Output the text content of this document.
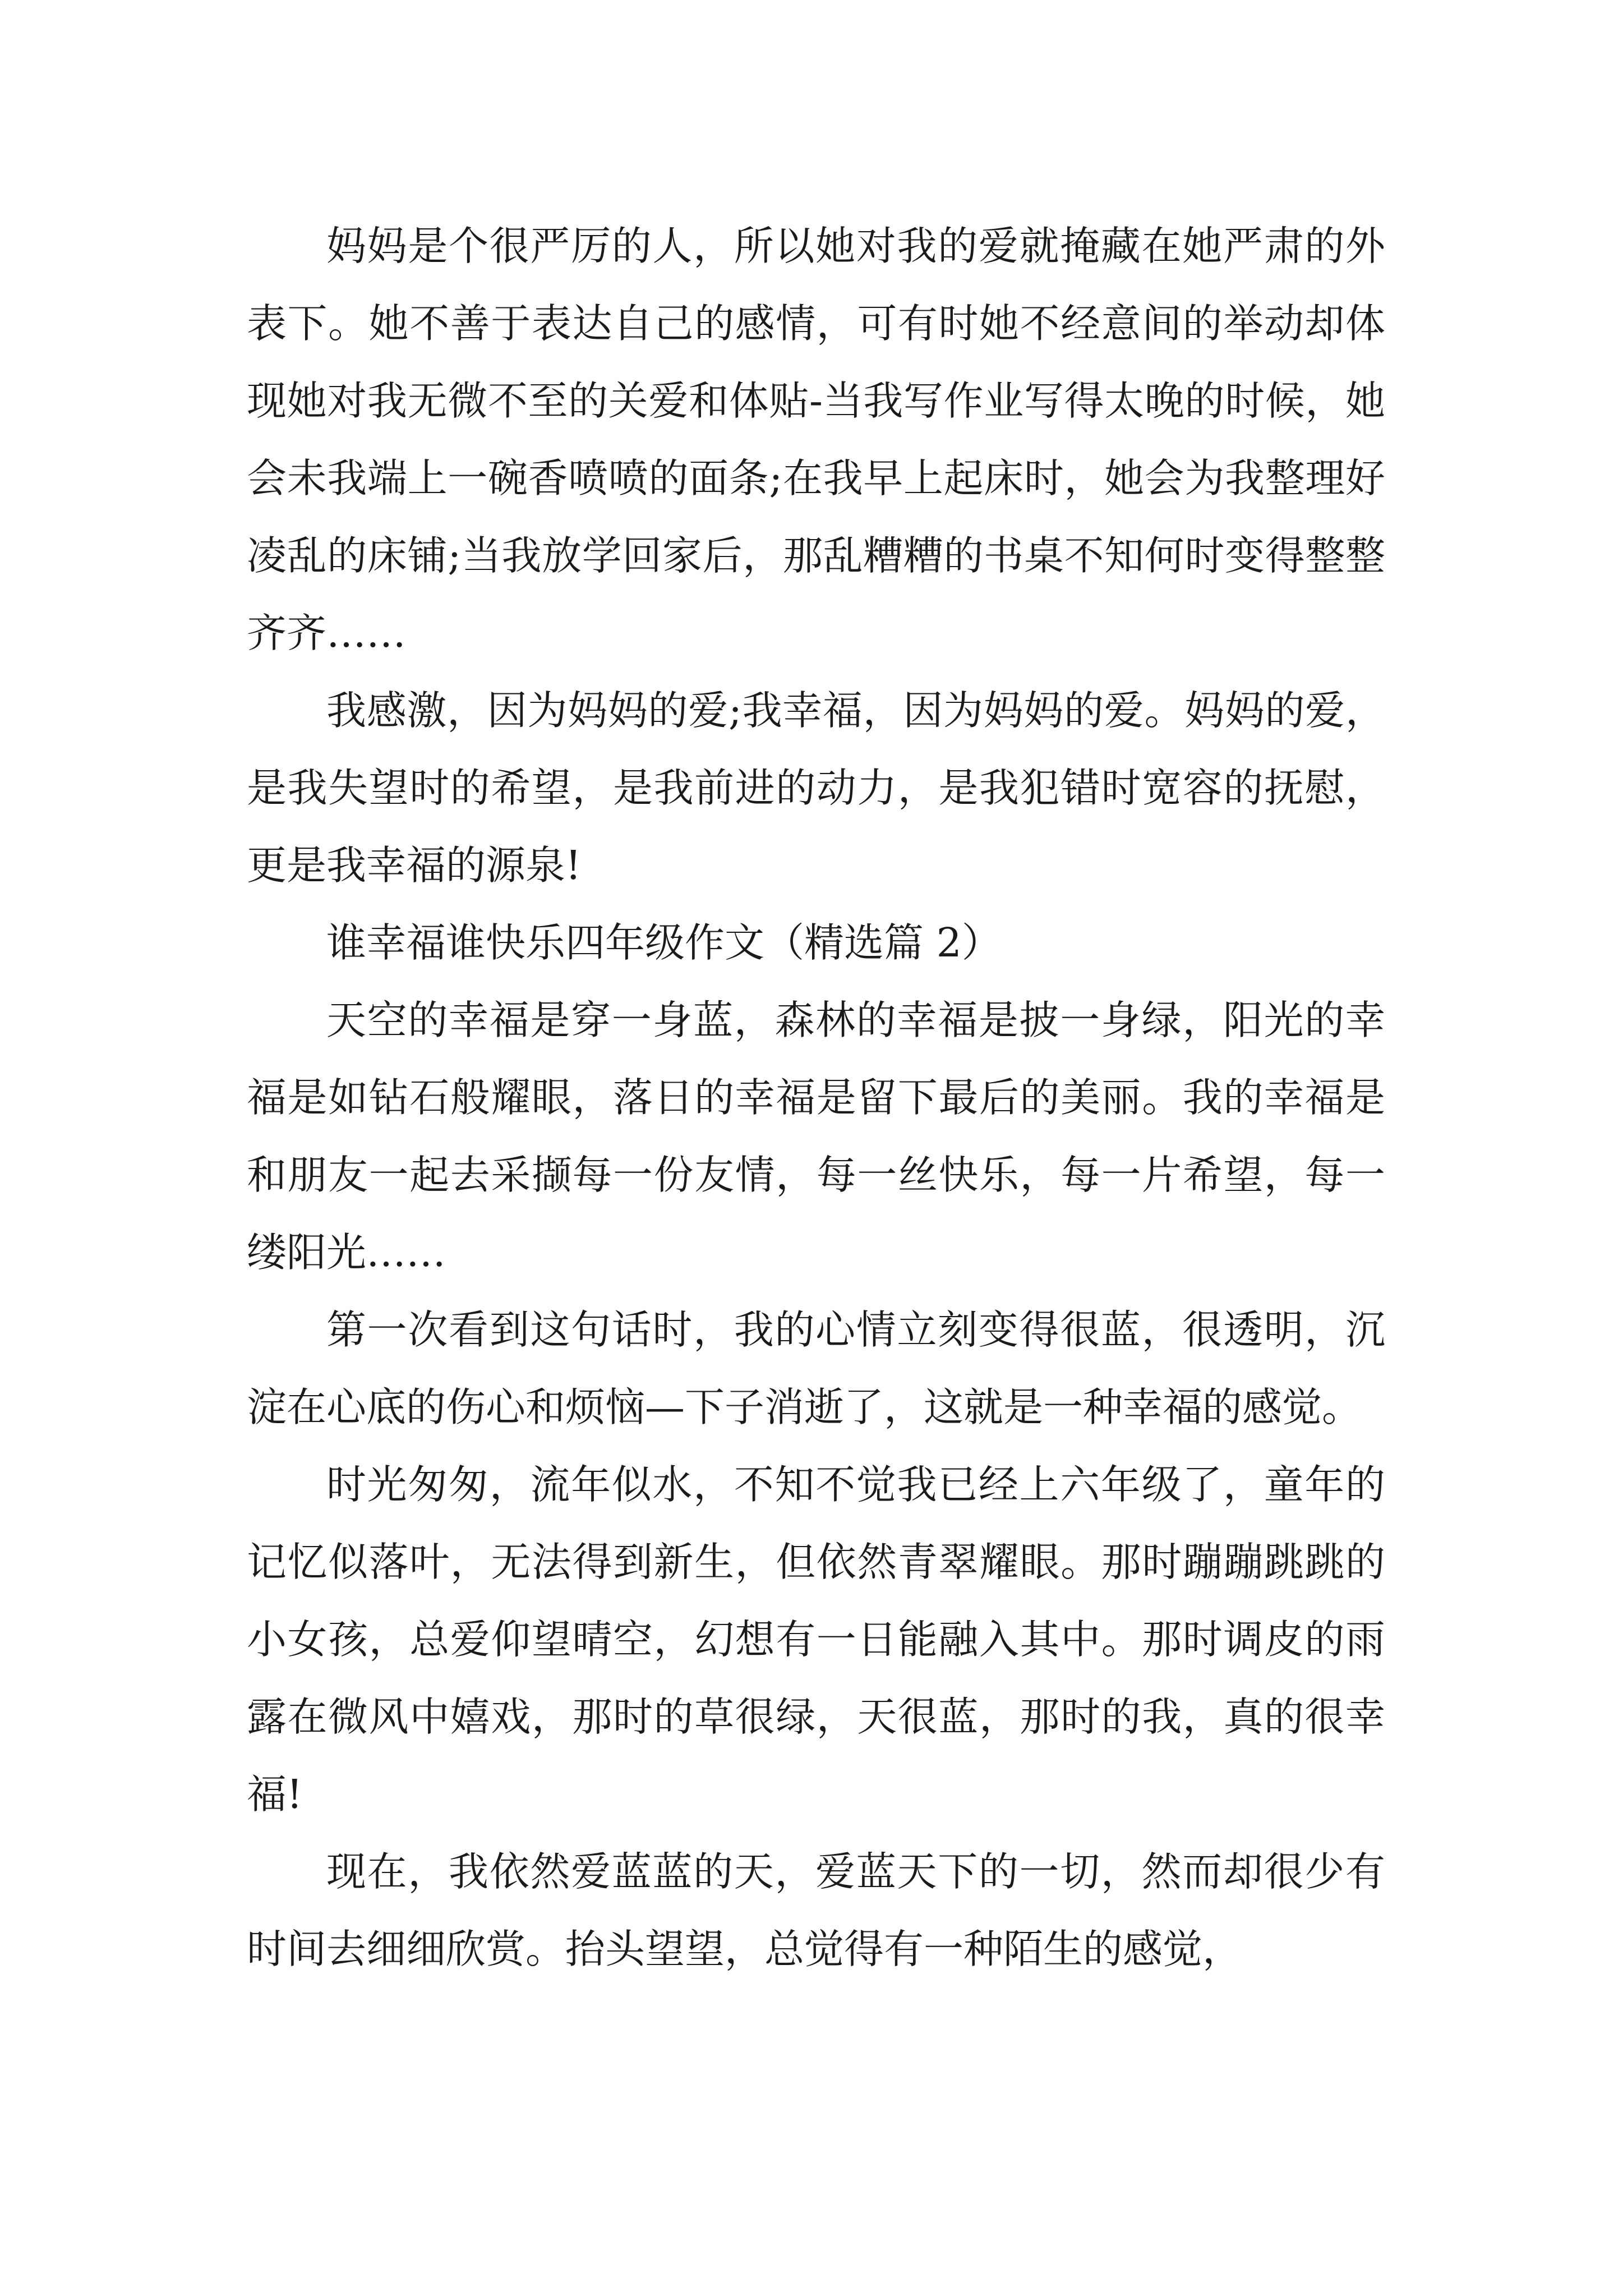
妈妈是个很严厉的人，所以她对我的爱就掩藏在她严肃的外表下。她不善于表达自己的感情，可有时她不经意间的举动却体现她对我无微不至的关爱和体贴-当我写作业写得太晚的时候，她会未我端上一碗香喷喷的面条;在我早上起床时，她会为我整理好凌乱的床铺;当我放学回家后，那乱糟糟的书桌不知何时变得整整齐齐……

我感激，因为妈妈的爱;我幸福，因为妈妈的爱。妈妈的爱，是我失望时的希望，是我前进的动力，是我犯错时宽容的抚慰，更是我幸福的源泉!

谁幸福谁快乐四年级作文（精选篇 2）

天空的幸福是穿一身蓝，森林的幸福是披一身绿，阳光的幸福是如钻石般耀眼，落日的幸福是留下最后的美丽。我的幸福是和朋友一起去采撷每一份友情，每一丝快乐，每一片希望，每一缕阳光……

第一次看到这句话时，我的心情立刻变得很蓝，很透明，沉淀在心底的伤心和烦恼—下子消逝了，这就是一种幸福的感觉。

时光匆匆，流年似水，不知不觉我已经上六年级了，童年的记忆似落叶，无法得到新生，但依然青翠耀眼。那时蹦蹦跳跳的小女孩，总爱仰望晴空，幻想有一日能融入其中。那时调皮的雨露在微风中嬉戏，那时的草很绿，天很蓝，那时的我，真的很幸福!

现在，我依然爱蓝蓝的天，爱蓝天下的一切，然而却很少有时间去细细欣赏。抬头望望，总觉得有一种陌生的感觉，
